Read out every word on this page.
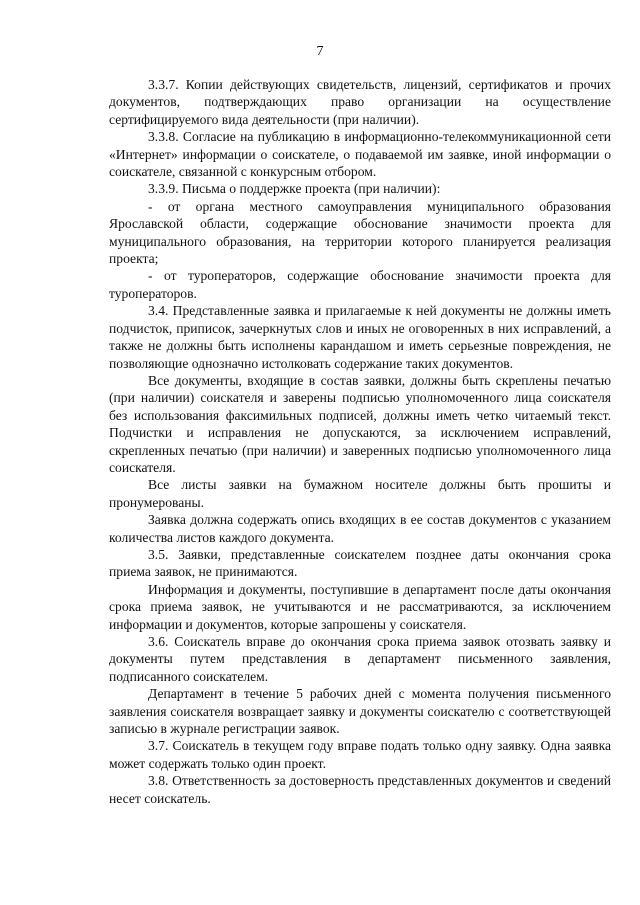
7

3.3.7. Копии действующих свидетельств, лицензий, сертификатов и прочих документов, подтверждающих право организации на осуществление сертифицируемого вида деятельности (при наличии).

3.3.8. Согласие на публикацию в информационно-телекоммуникационной сети «Интернет» информации о соискателе, о подаваемой им заявке, иной информации о соискателе, связанной с конкурсным отбором.

3.3.9. Письма о поддержке проекта (при наличии):

- от органа местного самоуправления муниципального образования Ярославской области, содержащие обоснование значимости проекта для муниципального образования, на территории которого планируется реализация проекта;

- от туроператоров, содержащие обоснование значимости проекта для туроператоров.

3.4. Представленные заявка и прилагаемые к ней документы не должны иметь подчисток, приписок, зачеркнутых слов и иных не оговоренных в них исправлений, а также не должны быть исполнены карандашом и иметь серьезные повреждения, не позволяющие однозначно истолковать содержание таких документов.

Все документы, входящие в состав заявки, должны быть скреплены печатью (при наличии) соискателя и заверены подписью уполномоченного лица соискателя без использования факсимильных подписей, должны иметь четко читаемый текст. Подчистки и исправления не допускаются, за исключением исправлений, скрепленных печатью (при наличии) и заверенных подписью уполномоченного лица соискателя.

Все листы заявки на бумажном носителе должны быть прошиты и пронумерованы.

Заявка должна содержать опись входящих в ее состав документов с указанием количества листов каждого документа.

3.5. Заявки, представленные соискателем позднее даты окончания срока приема заявок, не принимаются.

Информация и документы, поступившие в департамент после даты окончания срока приема заявок, не учитываются и не рассматриваются, за исключением информации и документов, которые запрошены у соискателя.

3.6. Соискатель вправе до окончания срока приема заявок отозвать заявку и документы путем представления в департамент письменного заявления, подписанного соискателем.

Департамент в течение 5 рабочих дней с момента получения письменного заявления соискателя возвращает заявку и документы соискателю с соответствующей записью в журнале регистрации заявок.

3.7. Соискатель в текущем году вправе подать только одну заявку. Одна заявка может содержать только один проект.

3.8. Ответственность за достоверность представленных документов и сведений несет соискатель.
